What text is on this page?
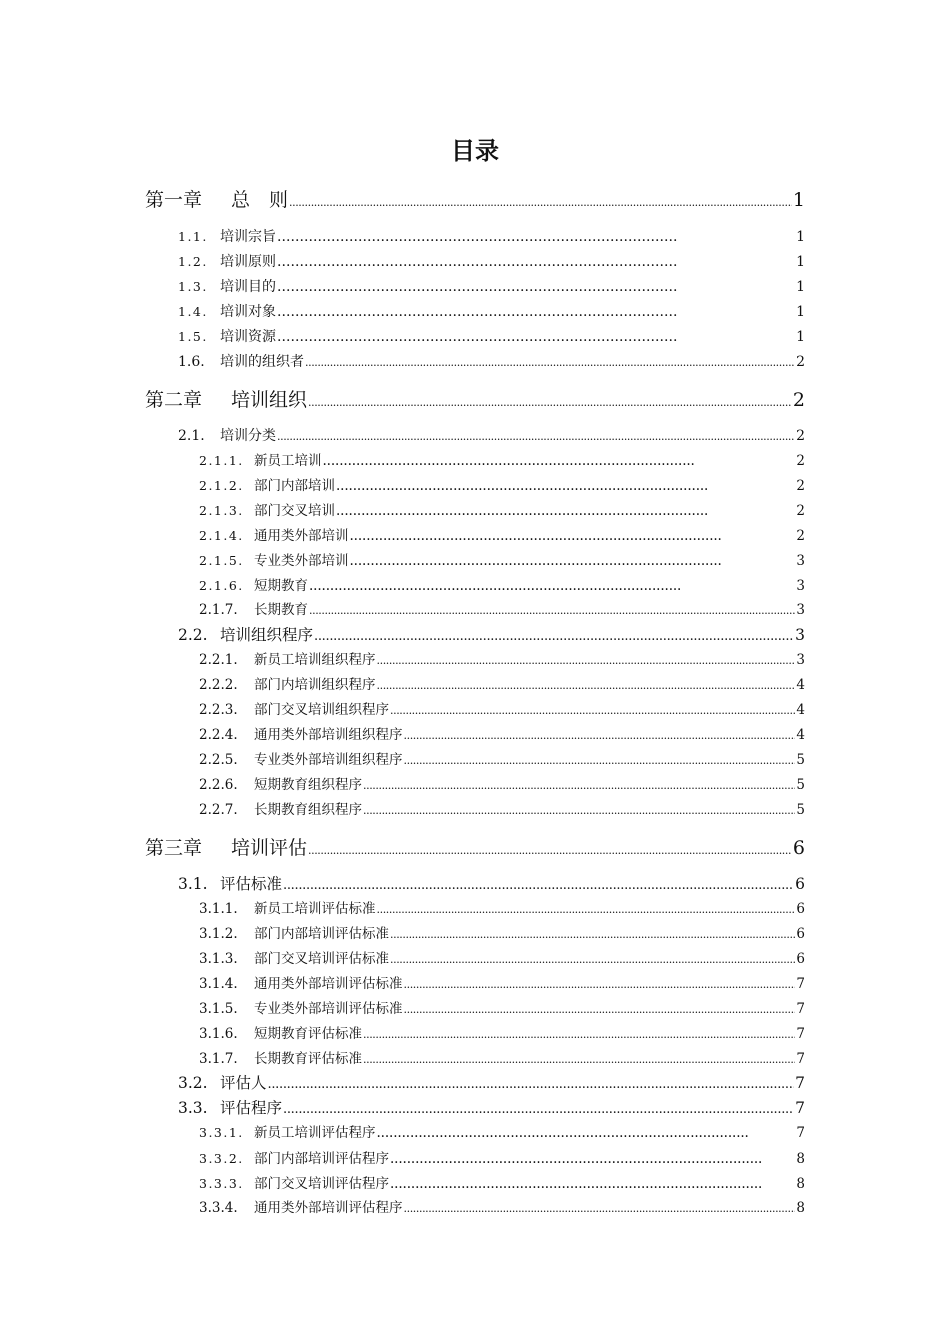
目录
第一章	总　则 .....	1
1.1. 培训宗旨 . .	1
1.2. 培训原则 . .	1
1.3. 培训目的 . .	1
1.4. 培训对象 . .	1
1.5. 培训资源 . .	1
1.6.	培训的组织者 .....	2
第二章	培训组织 .....	2
2.1.	培训分类 .....	2
2.1.1. 新员工培训 . .	2
2.1.2. 部门内部培训 . .	2
2.1.3. 部门交叉培训 . .	2
2.1.4. 通用类外部培训 . .	2
2.1.5. 专业类外部培训 . .	3
2.1.6. 短期教育 . .	3
2.1.7.	长期教育 .....	3
2.2. 培训组织程序 .....	3
2.2.1.	新员工培训组织程序 .....	3
2.2.2.	部门内培训组织程序 .....	4
2.2.3.	部门交叉培训组织程序 .....	4
2.2.4.	通用类外部培训组织程序 .....	4
2.2.5.	专业类外部培训组织程序 .....	5
2.2.6.	短期教育组织程序 .....	5
2.2.7.	长期教育组织程序 .....	5
第三章	培训评估 .....	6
3.1. 评估标准 .....	6
3.1.1.	新员工培训评估标准 .....	6
3.1.2.	部门内部培训评估标准 .....	6
3.1.3.	部门交叉培训评估标准 .....	6
3.1.4.	通用类外部培训评估标准 .....	7
3.1.5.	专业类外部培训评估标准 .....	7
3.1.6.	短期教育评估标准 .....	7
3.1.7.	长期教育评估标准 .....	7
3.2. 评估人 .....	7
3.3. 评估程序 .....	7
3.3.1. 新员工培训评估程序 . .	7
3.3.2. 部门内部培训评估程序 . .	8
3.3.3. 部门交叉培训评估程序 . .	8
3.3.4.	通用类外部培训评估程序 .....	8
